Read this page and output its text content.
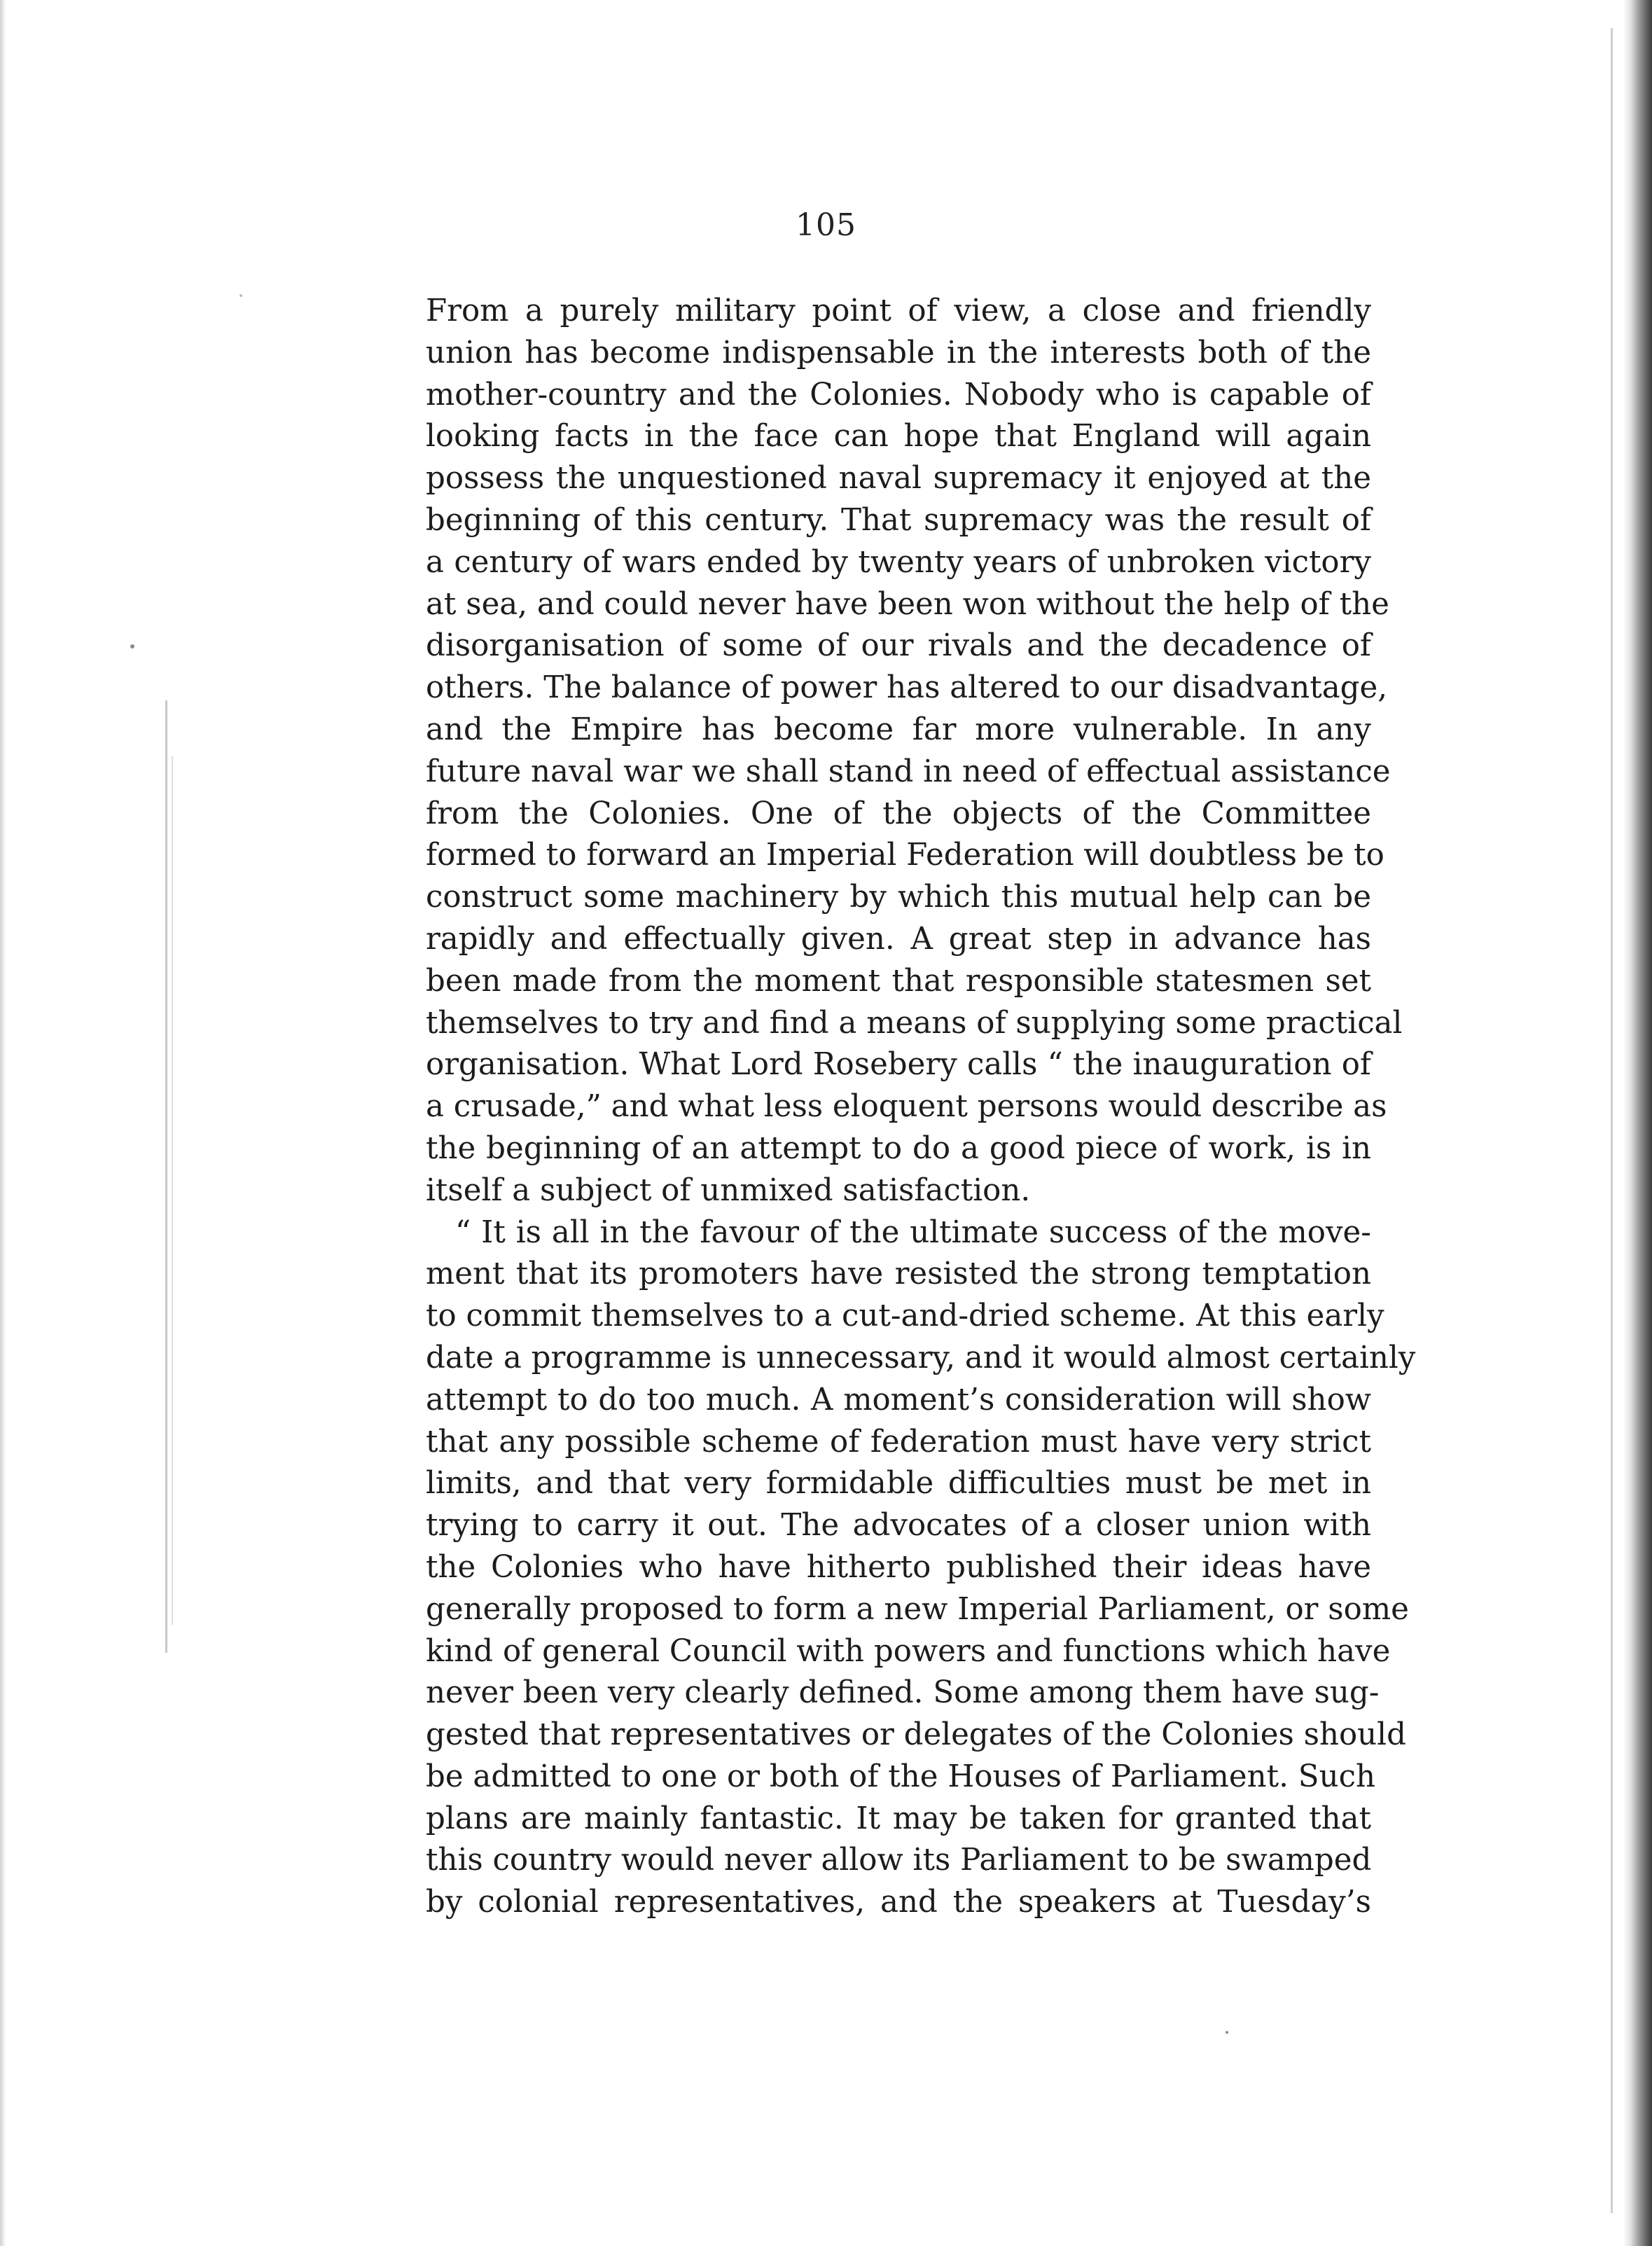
105
From a purely military point of view, a close and friendly
union has become indispensable in the interests both of the
mother-country and the Colonies. Nobody who is capable of
looking facts in the face can hope that England will again
possess the unquestioned naval supremacy it enjoyed at the
beginning of this century. That supremacy was the result of
a century of wars ended by twenty years of unbroken victory
at sea, and could never have been won without the help of the
disorganisation of some of our rivals and the decadence of
others. The balance of power has altered to our disadvantage,
and the Empire has become far more vulnerable. In any
future naval war we shall stand in need of effectual assistance
from the Colonies. One of the objects of the Committee
formed to forward an Imperial Federation will doubtless be to
construct some machinery by which this mutual help can be
rapidly and effectually given. A great step in advance has
been made from the moment that responsible statesmen set
themselves to try and find a means of supplying some practical
organisation. What Lord Rosebery calls “ the inauguration of
a crusade,” and what less eloquent persons would describe as
the beginning of an attempt to do a good piece of work, is in
itself a subject of unmixed satisfaction.
“ It is all in the favour of the ultimate success of the move-
ment that its promoters have resisted the strong temptation
to commit themselves to a cut-and-dried scheme. At this early
date a programme is unnecessary, and it would almost certainly
attempt to do too much. A moment’s consideration will show
that any possible scheme of federation must have very strict
limits, and that very formidable difficulties must be met in
trying to carry it out. The advocates of a closer union with
the Colonies who have hitherto published their ideas have
generally proposed to form a new Imperial Parliament, or some
kind of general Council with powers and functions which have
never been very clearly defined. Some among them have sug-
gested that representatives or delegates of the Colonies should
be admitted to one or both of the Houses of Parliament. Such
plans are mainly fantastic. It may be taken for granted that
this country would never allow its Parliament to be swamped
by colonial representatives, and the speakers at Tuesday’s
